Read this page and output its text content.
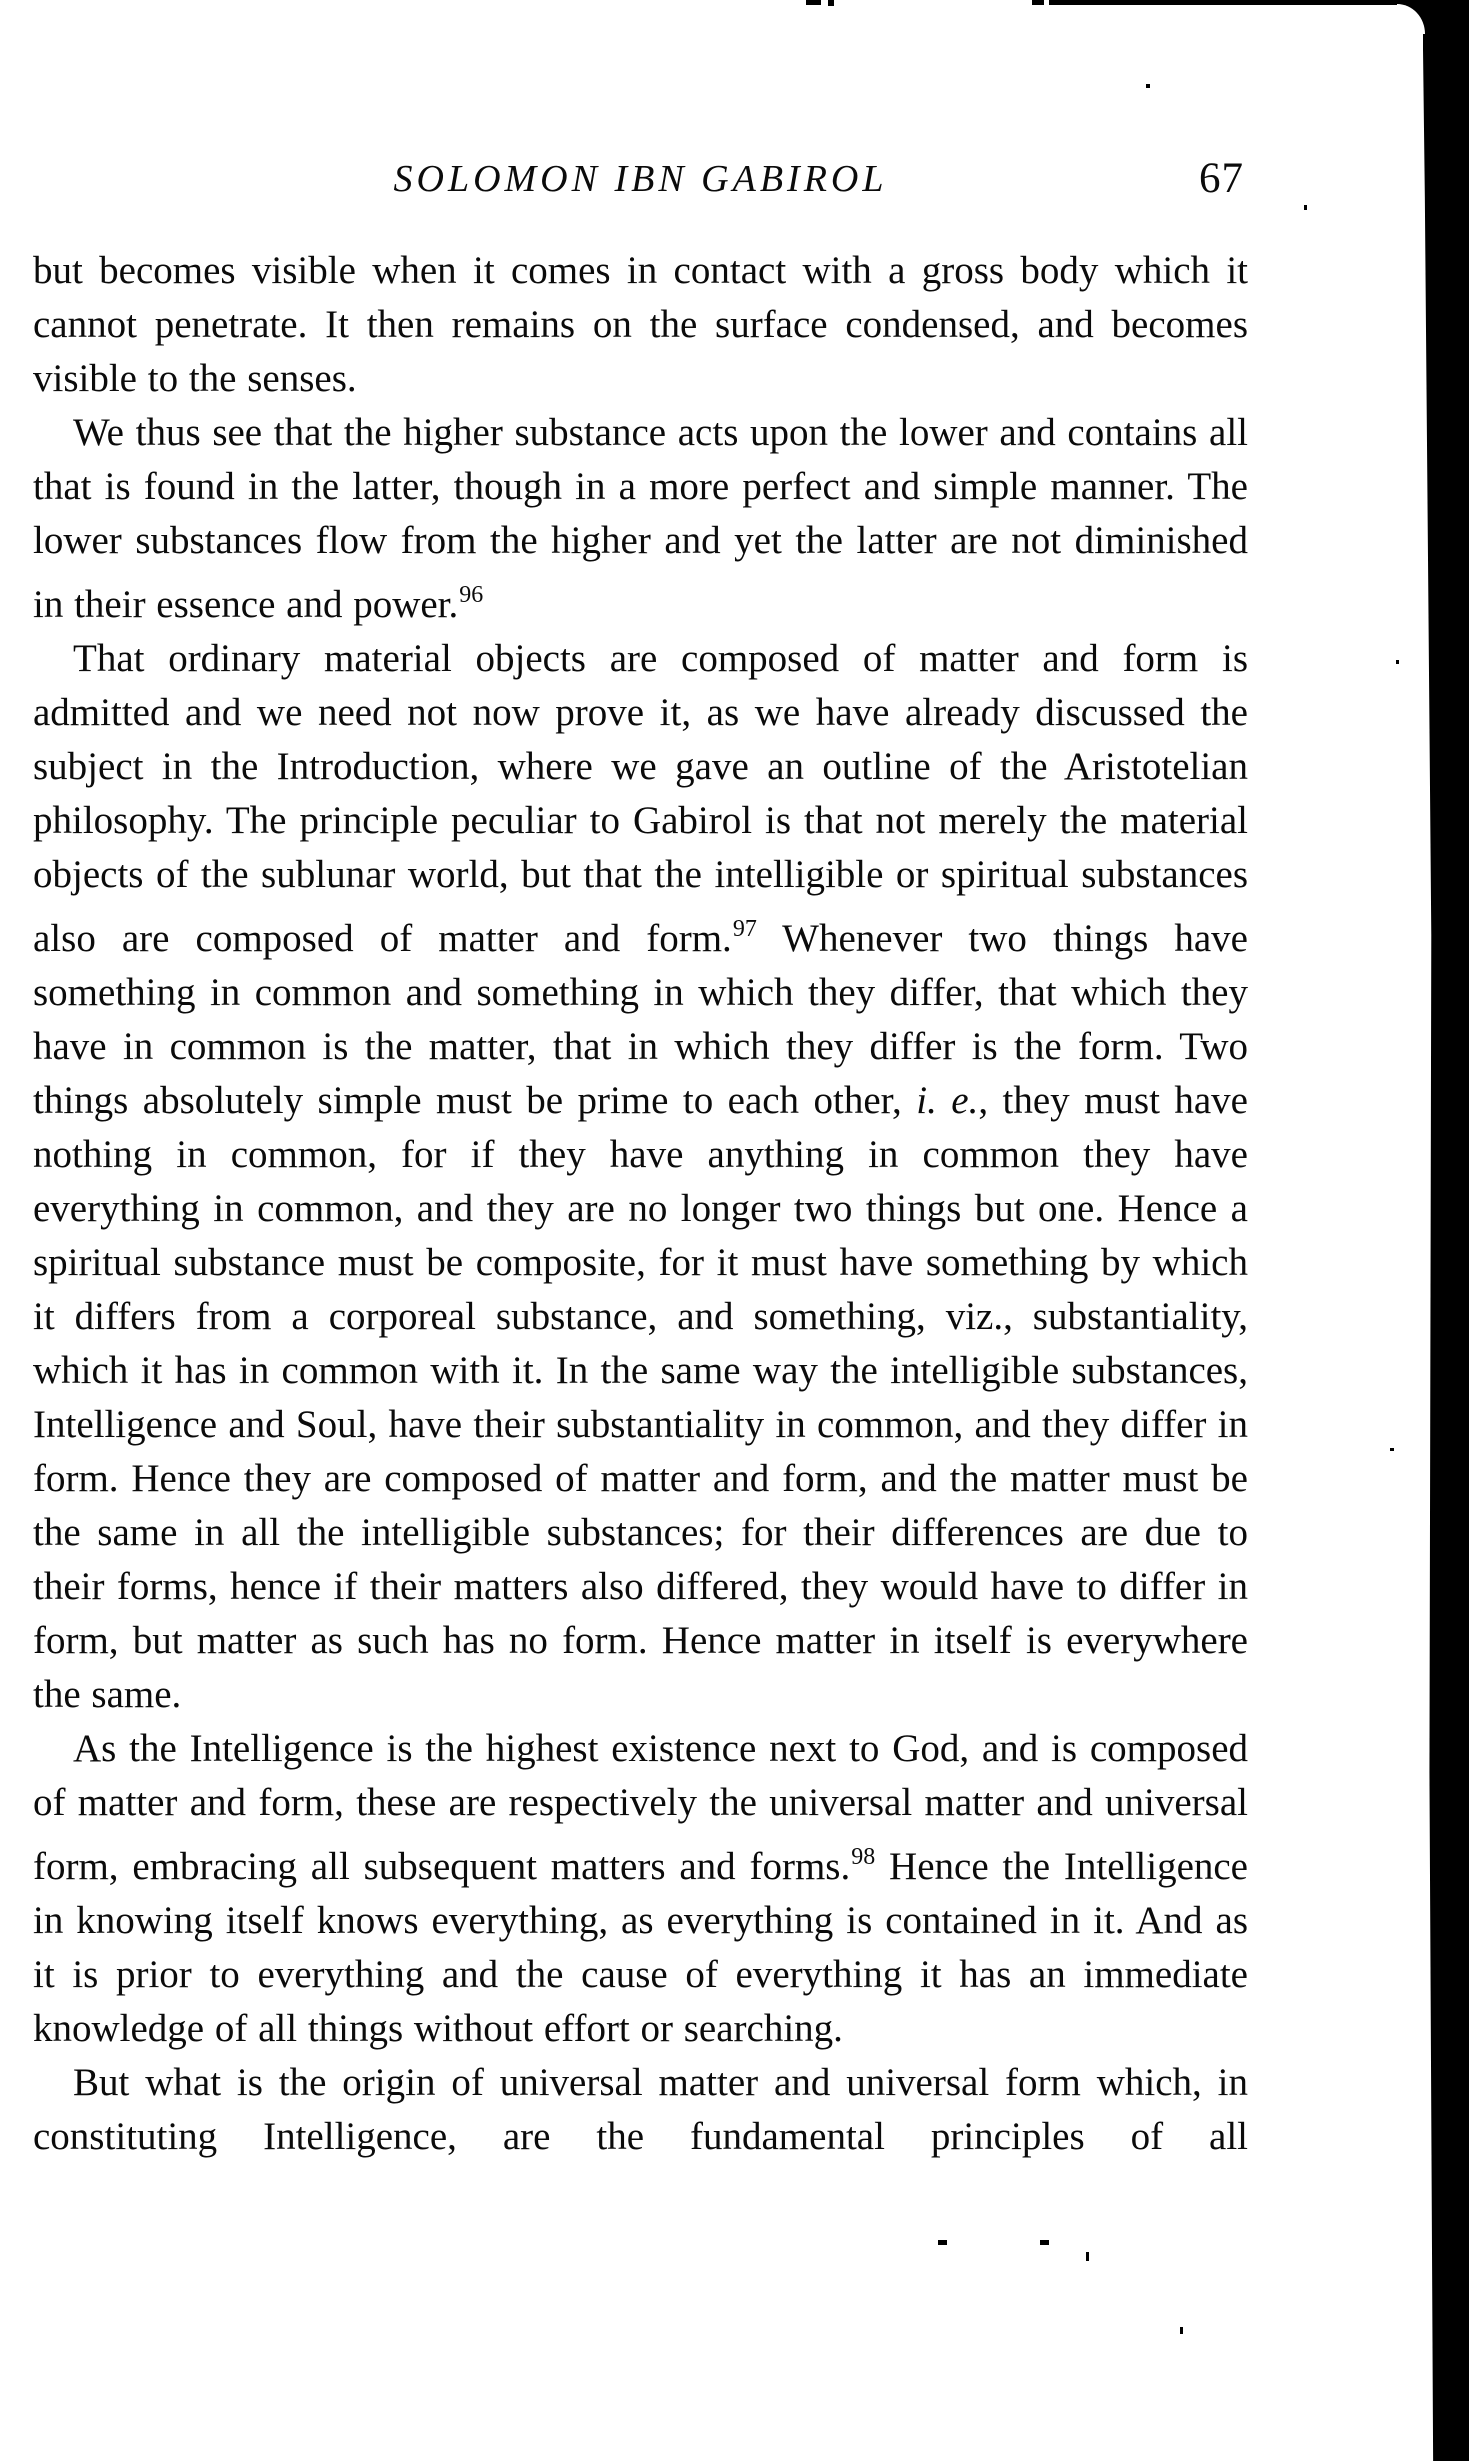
SOLOMON IBN GABIROL	67

but becomes visible when it comes in contact with a gross body which it cannot penetrate. It then remains on the surface condensed, and becomes visible to the senses.

We thus see that the higher substance acts upon the lower and contains all that is found in the latter, though in a more perfect and simple manner. The lower substances flow from the higher and yet the latter are not diminished in their essence and power.$^{96}$

That ordinary material objects are composed of matter and form is admitted and we need not now prove it, as we have already discussed the subject in the Introduction, where we gave an outline of the Aristotelian philosophy. The principle peculiar to Gabirol is that not merely the material objects of the sublunar world, but that the intelligible or spiritual substances also are composed of matter and form.$^{97}$ Whenever two things have something in common and something in which they differ, that which they have in common is the matter, that in which they differ is the form. Two things absolutely simple must be prime to each other, i. e., they must have nothing in common, for if they have anything in common they have everything in common, and they are no longer two things but one. Hence a spiritual substance must be composite, for it must have something by which it differs from a corporeal substance, and something, viz., substantiality, which it has in common with it. In the same way the intelligible substances, Intelligence and Soul, have their substantiality in common, and they differ in form. Hence they are composed of matter and form, and the matter must be the same in all the intelligible substances; for their differences are due to their forms, hence if their matters also differed, they would have to differ in form, but matter as such has no form. Hence matter in itself is everywhere the same.

As the Intelligence is the highest existence next to God, and is composed of matter and form, these are respectively the universal matter and universal form, embracing all subsequent matters and forms.$^{98}$ Hence the Intelligence in knowing itself knows everything, as everything is contained in it. And as it is prior to everything and the cause of everything it has an immediate knowledge of all things without effort or searching.

But what is the origin of universal matter and universal form which, in constituting Intelligence, are the fundamental principles of all
